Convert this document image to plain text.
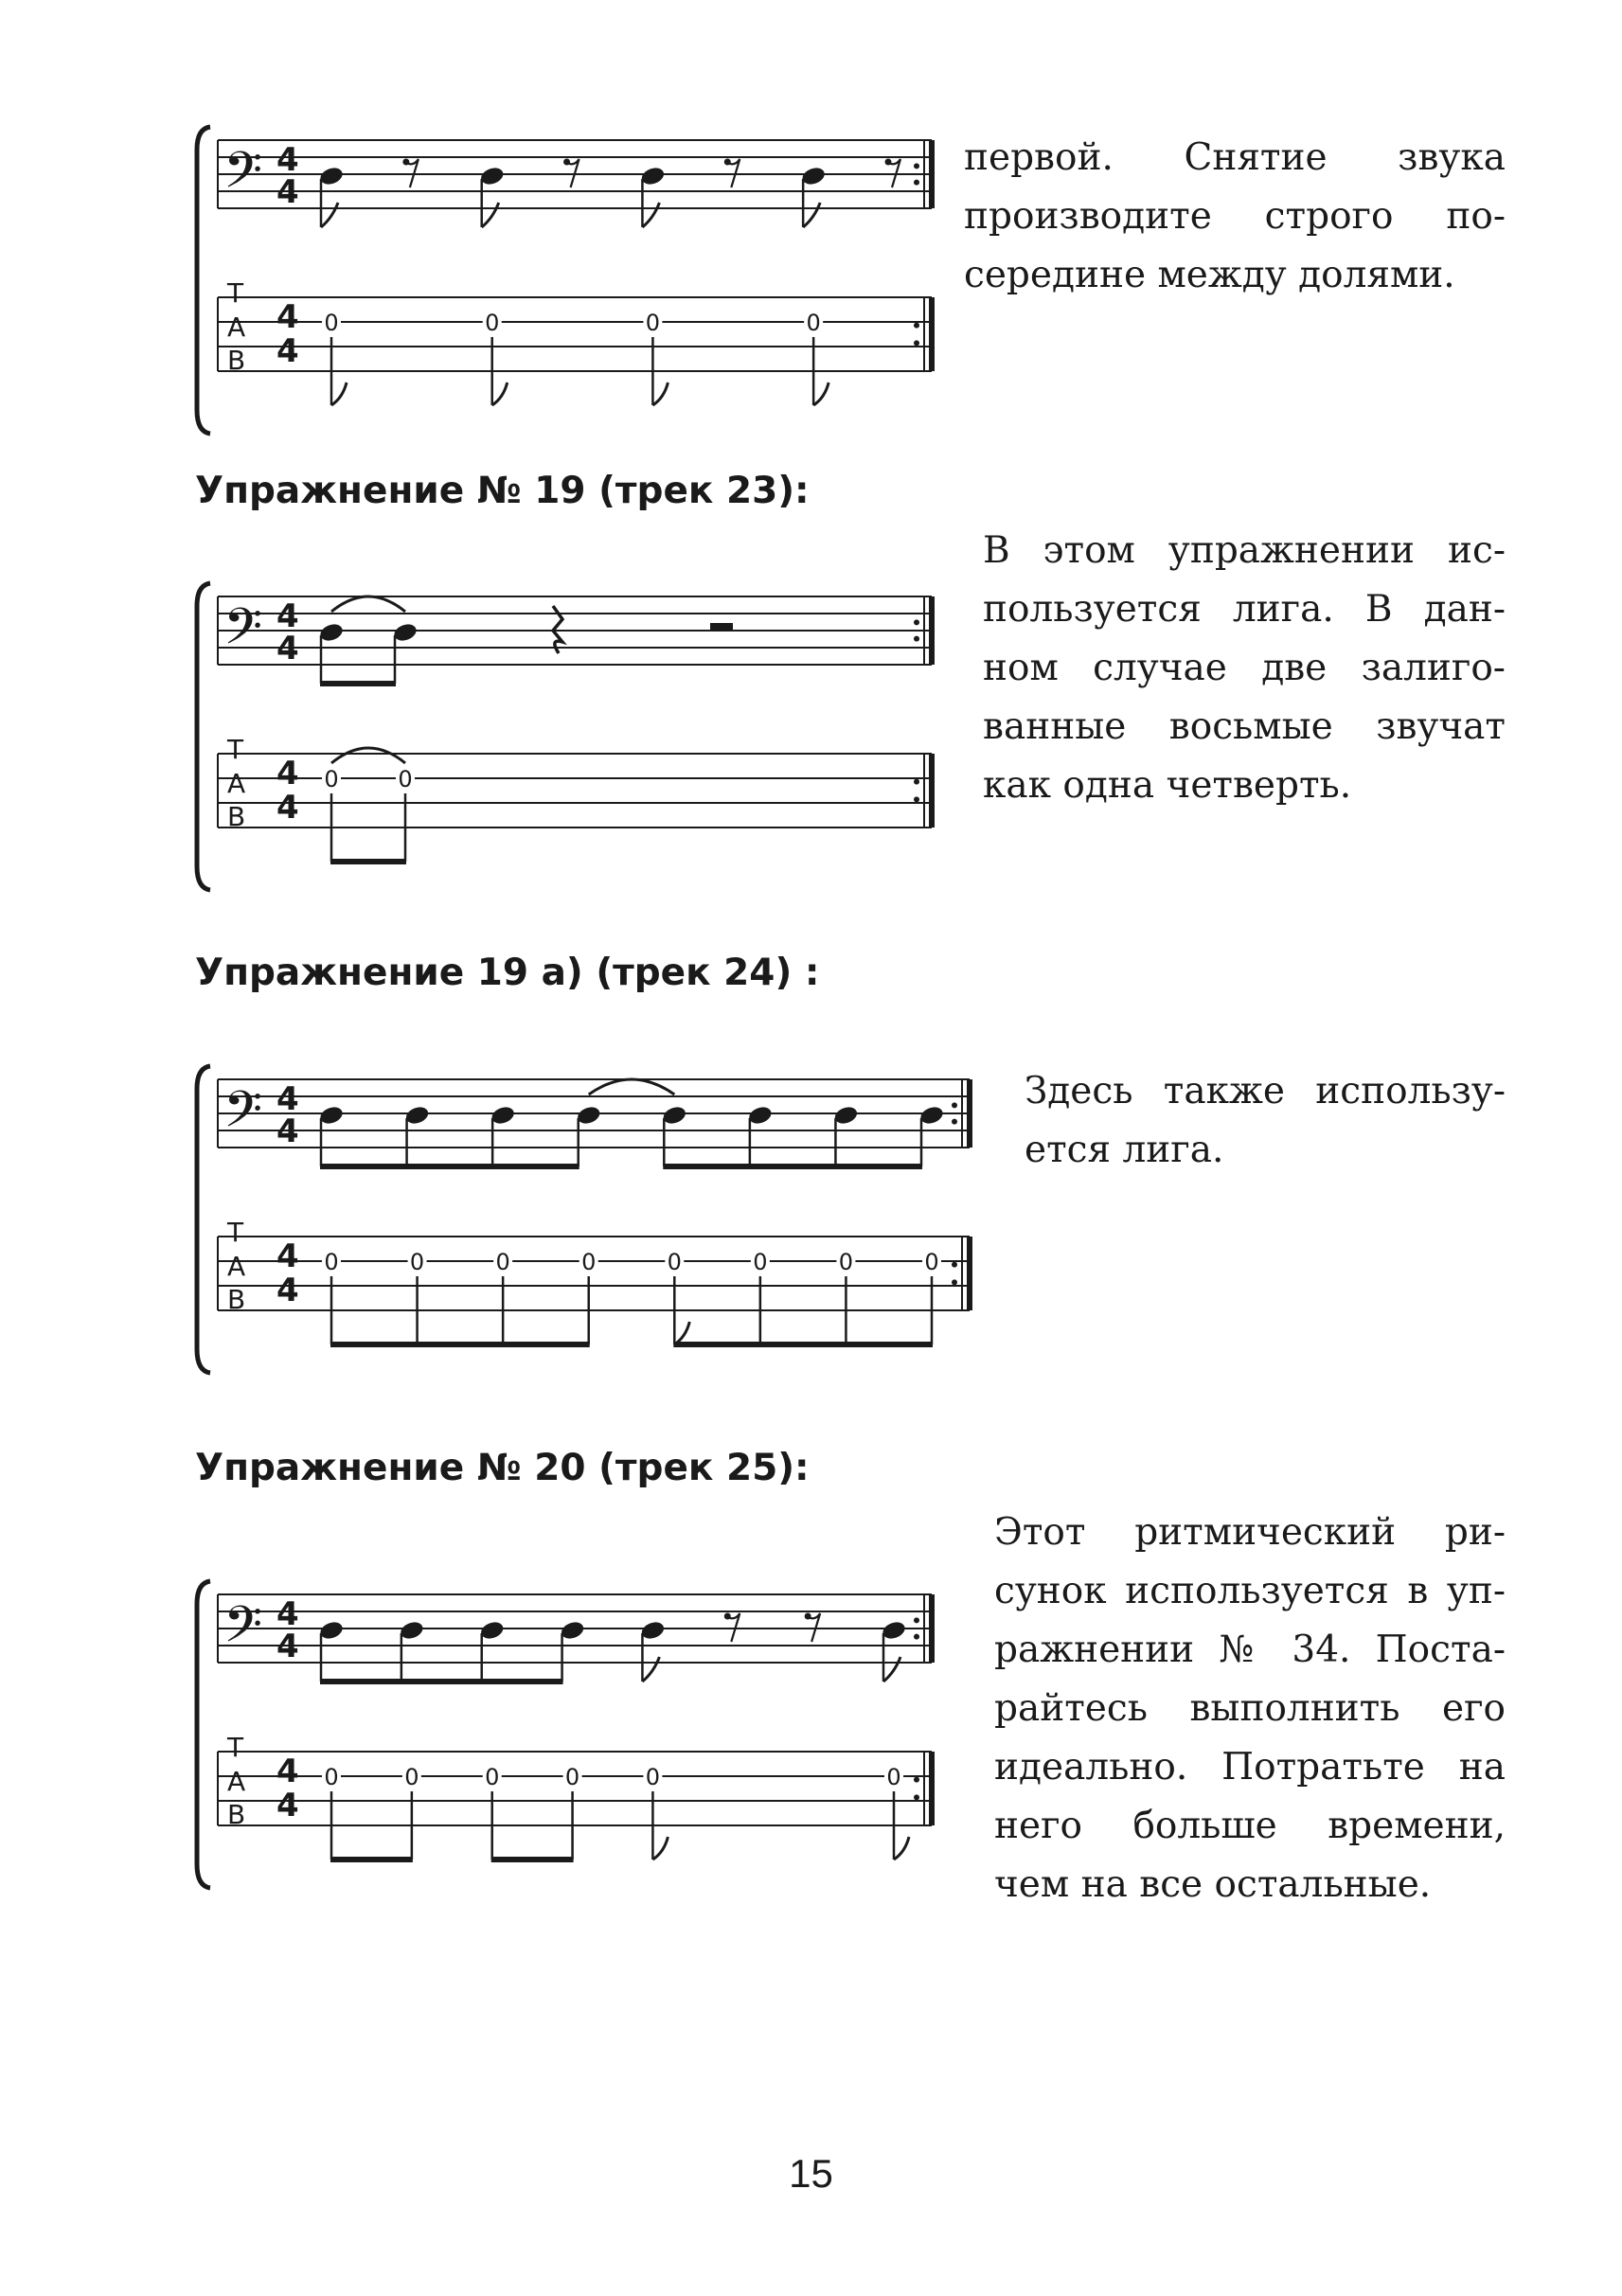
𝄢 4
4
4
4
T
A
B
0	0	0	0
первой. Снятие звука
производите строго по-
середине между долями.
Упражнение № 19 (трек 23):
𝄢 4
4
4
4
T
A
B
0	0
В этом упражнении ис-
пользуется лига. В дан-
ном случае две залиго-
ванные восьмые звучат
как одна четверть.
Упражнение 19 а) (трек 24) :
𝄢 4
4
4
4
T
A
B
0	0	0	0	0	0	0	0
Здесь также использу-
ется лига.
Упражнение № 20 (трек 25):
𝄢 4
4
4
4
T
A
B
0	0	0	0	0	0
Этот ритмический ри-
сунок используется в уп-
ражнении № 34. Поста-
райтесь выполнить его
идеально. Потратьте на
него больше времени,
чем на все остальные.
15
